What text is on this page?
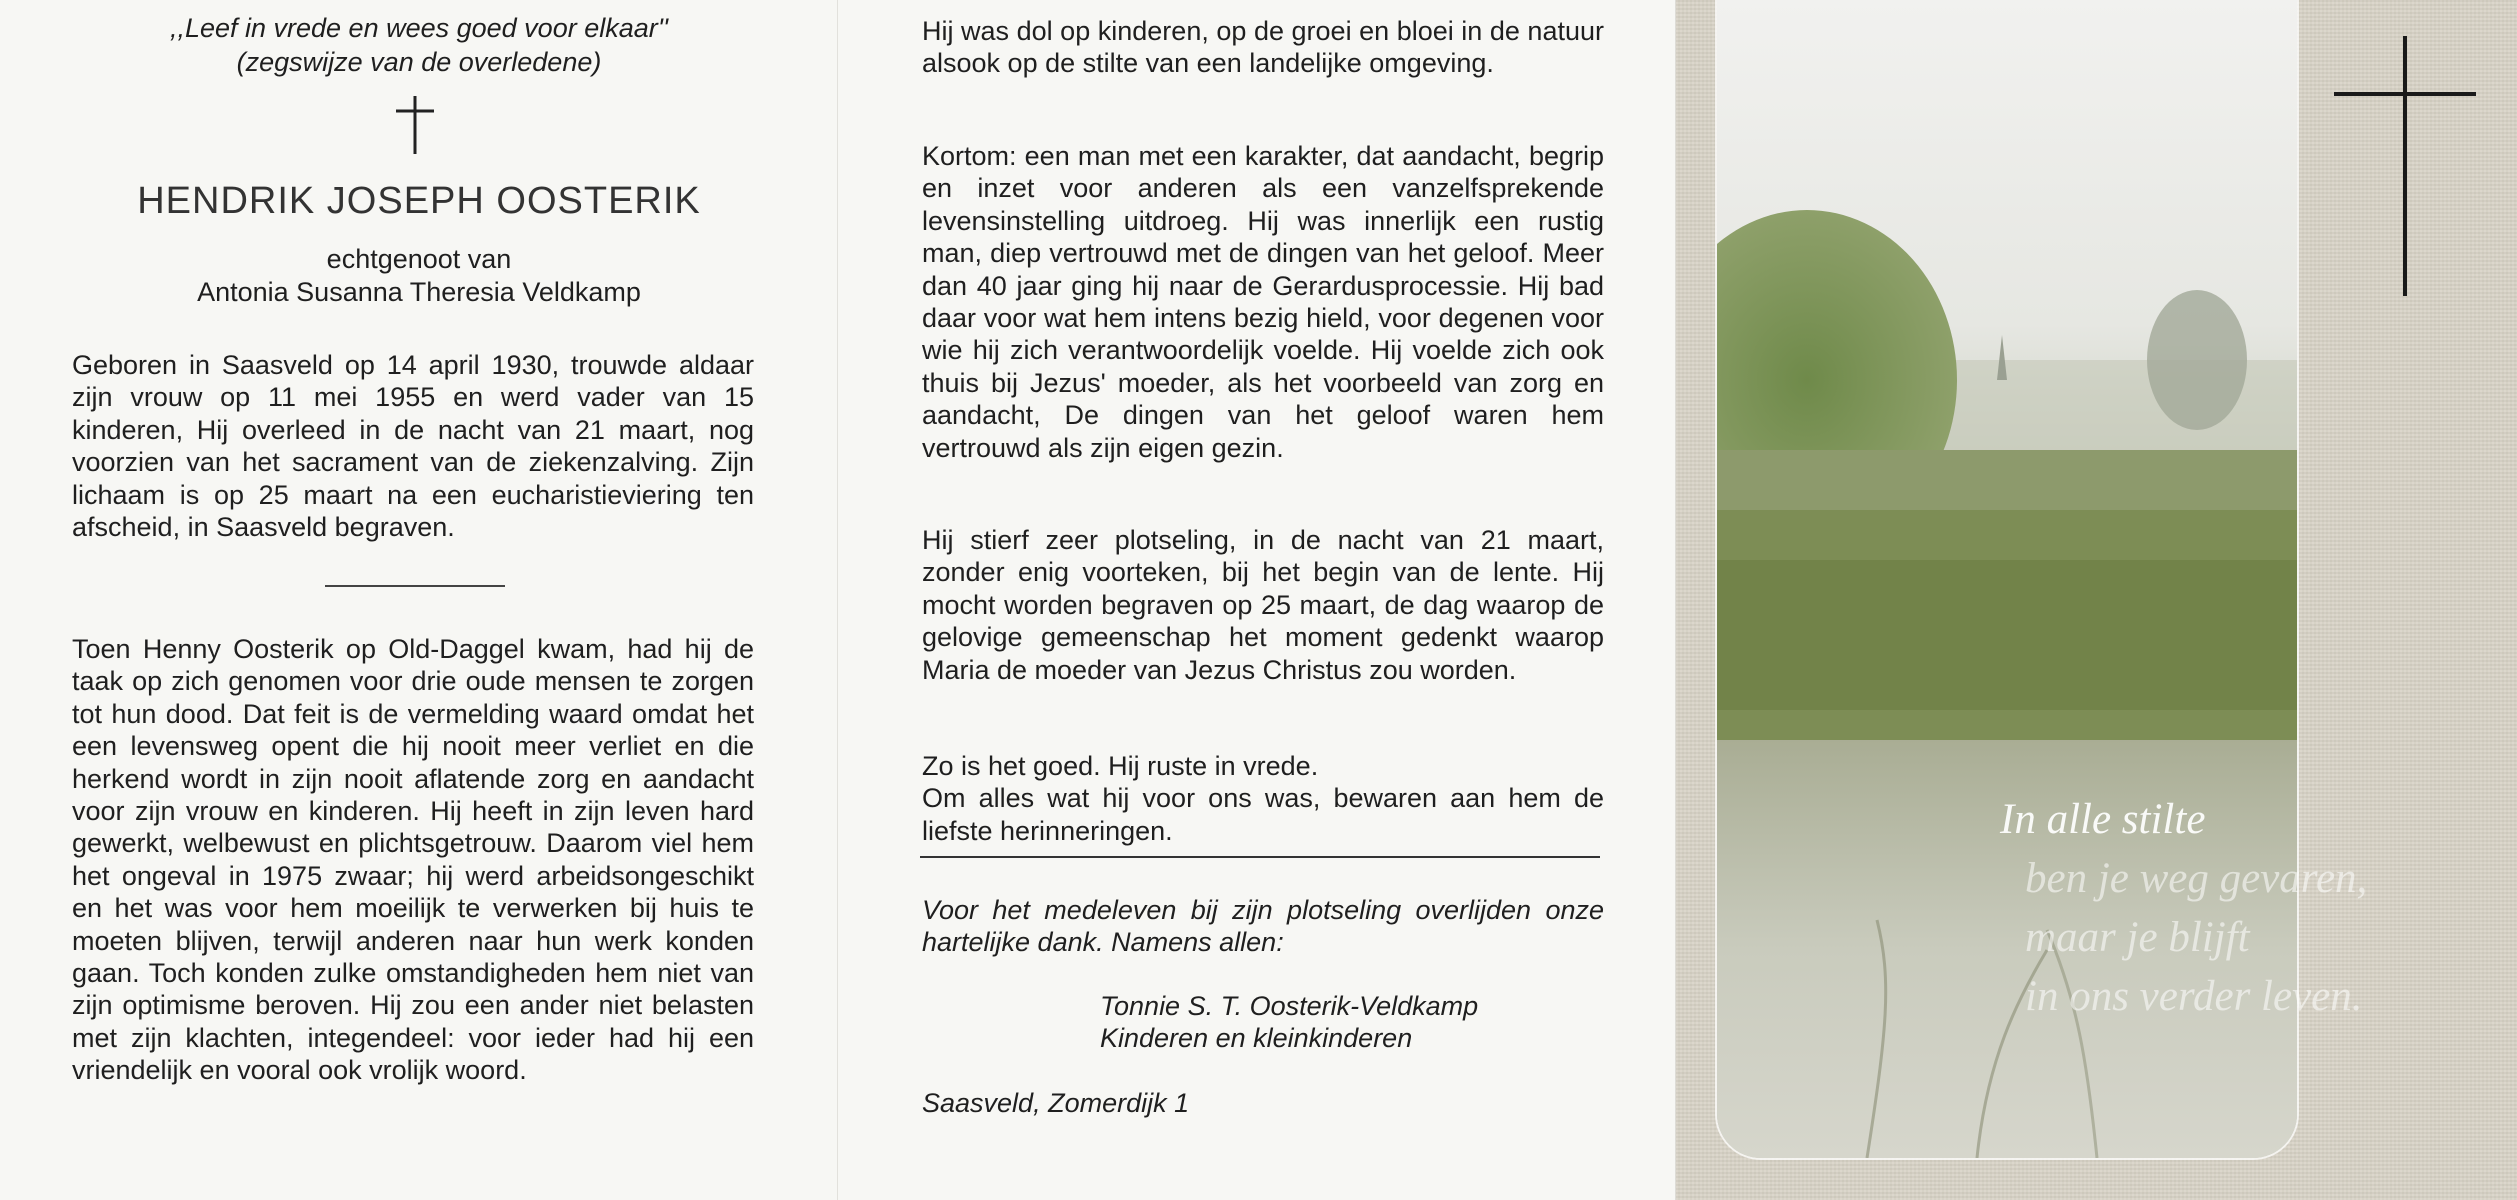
,,Leef in vrede en wees goed voor elkaar''
(zegswijze van de overledene)
HENDRIK JOSEPH OOSTERIK
echtgenoot van
Antonia Susanna Theresia Veldkamp
Geboren in Saasveld op 14 april 1930, trouwde aldaar zijn vrouw op 11 mei 1955 en werd vader van 15 kinderen, Hij overleed in de nacht van 21 maart, nog voorzien van het sacrament van de ziekenzalving. Zijn lichaam is op 25 maart na een eucharistieviering ten afscheid, in Saasveld begraven.
Toen Henny Oosterik op Old-Daggel kwam, had hij de taak op zich genomen voor drie oude mensen te zorgen tot hun dood. Dat feit is de vermelding waard omdat het een levensweg opent die hij nooit meer verliet en die herkend wordt in zijn nooit aflatende zorg en aandacht voor zijn vrouw en kinderen. Hij heeft in zijn leven hard gewerkt, welbewust en plichtsgetrouw. Daarom viel hem het ongeval in 1975 zwaar; hij werd arbeidsongeschikt en het was voor hem moeilijk te verwerken bij huis te moeten blijven, terwijl anderen naar hun werk konden gaan. Toch konden zulke omstandigheden hem niet van zijn optimisme beroven. Hij zou een ander niet belasten met zijn klachten, integendeel: voor ieder had hij een vriendelijk en vooral ook vrolijk woord.
Hij was dol op kinderen, op de groei en bloei in de natuur alsook op de stilte van een landelijke omgeving.
Kortom: een man met een karakter, dat aandacht, begrip en inzet voor anderen als een vanzelfsprekende levensinstelling uitdroeg. Hij was innerlijk een rustig man, diep vertrouwd met de dingen van het geloof. Meer dan 40 jaar ging hij naar de Gerardusprocessie. Hij bad daar voor wat hem intens bezig hield, voor degenen voor wie hij zich verantwoordelijk voelde. Hij voelde zich ook thuis bij Jezus' moeder, als het voorbeeld van zorg en aandacht, De dingen van het geloof waren hem vertrouwd als zijn eigen gezin.
Hij stierf zeer plotseling, in de nacht van 21 maart, zonder enig voorteken, bij het begin van de lente. Hij mocht worden begraven op 25 maart, de dag waarop de gelovige gemeenschap het moment gedenkt waarop Maria de moeder van Jezus Christus zou worden.

Zo is het goed. Hij ruste in vrede.

Om alles wat hij voor ons was, bewaren aan hem de liefste herinneringen.

Voor het medeleven bij zijn plotseling overlijden onze hartelijke dank. Namens allen:
Tonnie S. T. Oosterik-Veldkamp
Kinderen en kleinkinderen
Saasveld, Zomerdijk 1
In alle stilte
ben je weg gevaren,
maar je blijft
in ons verder leven.
